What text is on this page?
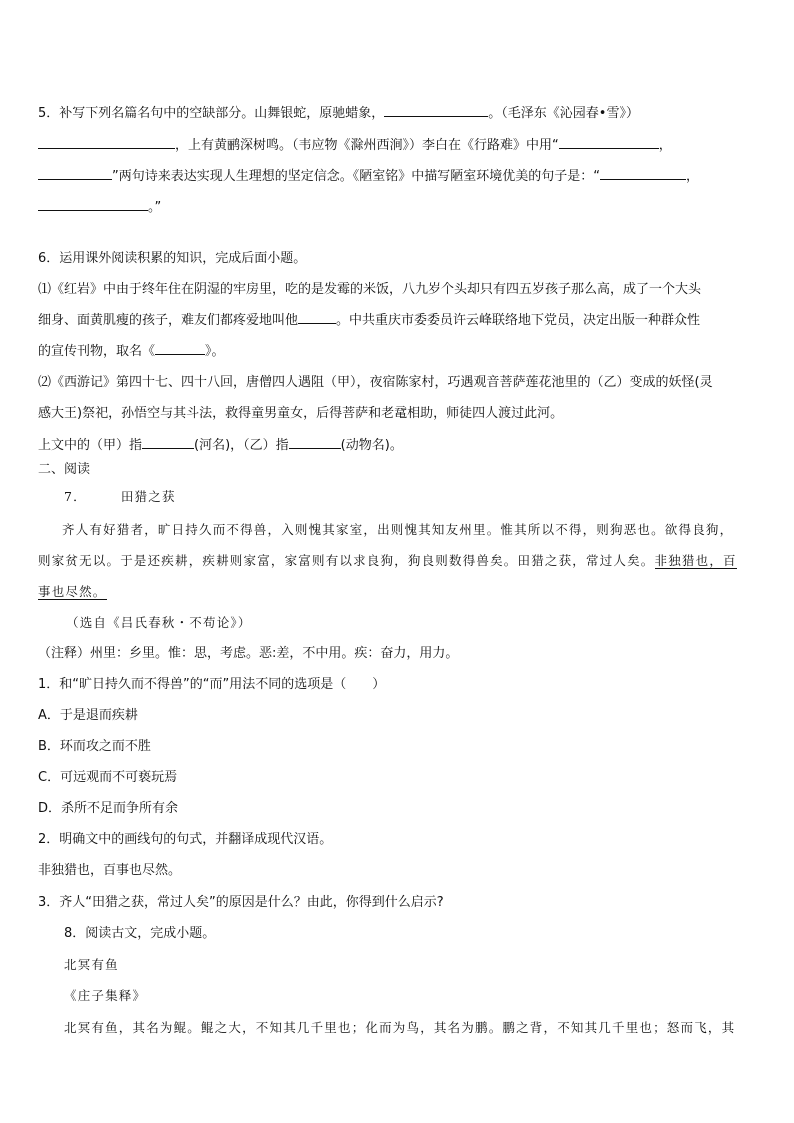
5．补写下列名篇名句中的空缺部分。山舞银蛇，原驰蜡象，	。（毛泽东《沁园春•雪》）
，上有黄鹂深树鸣。（韦应物《滁州西涧》）李白在《行路难》中用“	，
”两句诗来表达实现人生理想的坚定信念。《陋室铭》中描写陋室环境优美的句子是：“	，
。”
6．运用课外阅读积累的知识，完成后面小题。
⑴《红岩》中由于终年住在阴湿的牢房里，吃的是发霉的米饭，八九岁个头却只有四五岁孩子那么高，成了一个大头
细身、面黄肌瘦的孩子，难友们都疼爱地叫他	。中共重庆市委委员许云峰联络地下党员，决定出版一种群众性
的宣传刊物，取名《	》。
⑵《西游记》第四十七、四十八回，唐僧四人遇阻（甲），夜宿陈家村，巧遇观音菩萨莲花池里的（乙）变成的妖怪(灵
感大王)祭祀，孙悟空与其斗法，救得童男童女，后得菩萨和老鼋相助，师徒四人渡过此河。
上文中的（甲）指	(河名)，（乙）指	(动物名)。
二、阅读
7．	田猎之获
齐人有好猎者，旷日持久而不得兽，入则愧其家室，出则愧其知友州里。惟其所以不得，则狗恶也。欲得良狗，
则家贫无以。于是还疾耕，疾耕则家富，家富则有以求良狗，狗良则数得兽矣。田猎之获，常过人矣。非独猎也，百
事也尽然。
（选自《吕氏春秋・不苟论》）
（注释）州里：乡里。惟：思，考虑。恶:差，不中用。疾：奋力，用力。
1．和“旷日持久而不得兽”的“而”用法不同的选项是（　　）
A．于是退而疾耕
B．环而攻之而不胜
C．可远观而不可亵玩焉
D．杀所不足而争所有余
2．明确文中的画线句的句式，并翻译成现代汉语。
非独猎也，百事也尽然。
3．齐人“田猎之获，常过人矣”的原因是什么？由此，你得到什么启示?
8．阅读古文，完成小题。
北冥有鱼
《庄子集释》
北冥有鱼，其名为鲲。鲲之大，不知其几千里也；化而为鸟，其名为鹏。鹏之背，不知其几千里也；怒而飞，其
